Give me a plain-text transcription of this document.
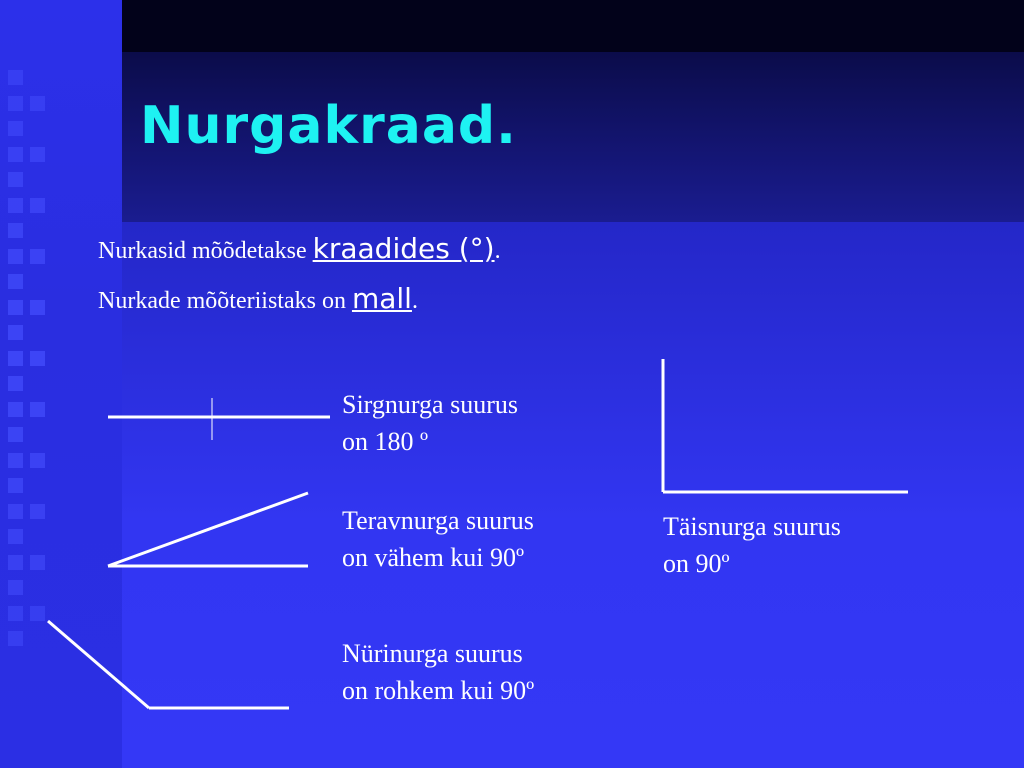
Nurgakraad.
Nurkasid mõõdetakse kraadides (°).
Nurkade mõõteriistaks on mall.
Sirgnurga suurus
on 180 º
Teravnurga suurus
on vähem kui 90º
Nürinurga suurus
on rohkem kui 90º
Täisnurga suurus
on 90º
